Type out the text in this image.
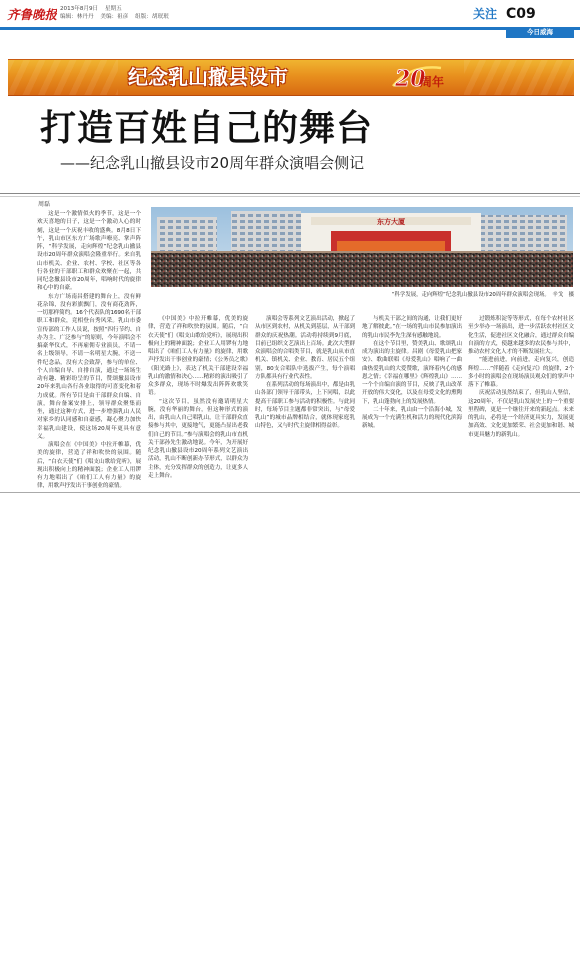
齐鲁晚报 2013年8月9日 星期五
编辑：林丹丹 美编：祖彦 组版：胡珉珉	关注 C09
今日威海
纪念乳山撤县设市	20
周年
打造百姓自己的舞台
——纪念乳山撤县设市20周年群众演唱会侧记
周磊
东方大厦
“科学发展，走向辉煌”纪念乳山撤县设市20周年群众演唱会现场。　辛戈　摄

这是一个激情似火的季节，这是一个欢天喜地的日子，这是一个激动人心的时刻，这是一个庆祝丰收的盛典。8月8日下午，乳山市区东方广场歌声嘹亮、掌声阵阵，“科学发展，走向辉煌”纪念乳山撤县设市20周年群众演唱会隆重举行。来自乳山市机关、企业、农村、学校、社区等各行各业的干部职工和群众欢聚在一起，共同纪念撤县设市20周年，唱响时代的旋律和心中的自豪。

东方广场南昌搭建的舞台上，没有鲜花杂锦，没有彩旗飘门，没有商花劲阵，一切那样简约。16个代表队的1690名干部职工和群众，竞相登台秀风采。乳山市委宣传部的工作人员说，按照“四行节约、自办为主、广泛参与”的原则，今年演唱会不搞豪华仪式，不再雇佣专业演员，不请一名上级领导，不请一名明星大腕，不送一件纪念品，没有大会致辞，参与的单位、个人自编自导、自排自演，通过一场场生动有趣、精彩纷呈的节目，赞颂撤县设市20年来乳山各行各业取得的可喜变化和着力成就。所有节目是由干部群众自编、自演，舞台备案安排上，领导群众聚集而坐，通过这种方式，进一步增强乳山人民对家乡的认同感和自豪感，凝心聚力加快幸福乳山建设，使这场20周年更具有意义。

演唱会在《中国美》中拉开帷幕，优美的旋律，营造了祥和吹快的氛围。随后，“白衣天使”们《唱支山歌给党听》，展现出积极向上的精神面貌；企业工人用锣有力地唱出了《咱们工人有力量》的旋律，用歌声抒发出干事创业的豪情。

《中国美》中拉开帷幕，优美的旋律，营造了祥和吹快的氛围。随后，“白衣天使”们《唱支山歌给党听》，展现出积极向上的精神面貌；企业工人用锣有力地唱出了《咱们工人有力量》的旋律，用歌声抒发出干事创业的豪情；《公务员之歌》《阳光路上》，表达了机关干部建设幸福乳山的激情和决心……精彩的演出吸引了众多群众，现场不时爆发出阵阵欢歌笑语。

“这次节目，虽然没有邀请明星大腕，没有华丽的舞台，但这种形式的演出，由乳山人自己唱乳山，让干部群众直接参与其中，更接地气，更能凸显出老我们自己的节目。”参与演唱会的乳山市直机关干部孙先生激动地说。今年，为开展好纪念乳山撤县设市20周年系列文艺演出活动，乳山不断创新办节形式，以群众为主体，充分发挥群众的创造力，让更多人走上舞台。

演唱会等系列文艺演出活动，掀起了从市区到农村，从机关到基层，从干部到群众的庆祝热潮。活动将持续到9月底，目前已组织文艺演出上百场。此次大型群众演唱会的合唱类节目，就是乳山从市直机关、镇机关、企业、教育、居民五个组别，80支合唱队中选拔产生，每个演唱方队都具有行业代表性。

在系列活动的每场演出中，都是由乳山各部门领导干部带头，上下同唱，以此提高干部职工参与活动的积极性。与此同时，每场节目主题都非常突出，与“母爱乳山”的城市品牌相结合，就体现家庭乳山特色，又与时代主旋律相得益彰。

与机关干部之间的沟通，让我们更好地了解彼此。”在一场的乳山市民参加演出的乳山市民李先生深有感触地说。

在这个节目里，赞美乳山、歌颂乳山成为演出的主旋律。昌剧《母爱乳山把家安》、歌曲联唱《母爱乳山》唱响了一曲曲热爱乳山的大爱赞歌，演绎着内心的感恩之情；《幸福在哪里》《辉煌乳山》……一个个自编自演的节目，反映了乳山改革开放的伟大变化，以及在母爱文化的熏陶下，乳山蓬勃向上的发展热情。

二十年来，乳山由一个沿海小城，发展成为一个充满生机和活力的现代化滨海新城。

过锻炼积淀等等形式，在每个农村社区至少举办一场演出，进一步活跃农村社区文化生活，促进社区文化融合，通过群众自编自演的方式，使越来越多的农民参与其中，推动农村文化人才的不断发展壮大。

“能进前进，向前进，走向复兴，创造辉煌……”伴随着《走向复兴》的旋律，2个多小时的演唱会在现场演员观众们的掌声中落下了帷幕。

庆祝活动虽然结束了，但乳山人坚信，这20周年，不仅是乳山发展史上的一个重要里程碑，更是一个继往开来的新起点。未来的乳山，必将是一个经济更具实力，发展更加高效、文化更加繁荣、社会更加和谐、城市更具魅力的新乳山。
